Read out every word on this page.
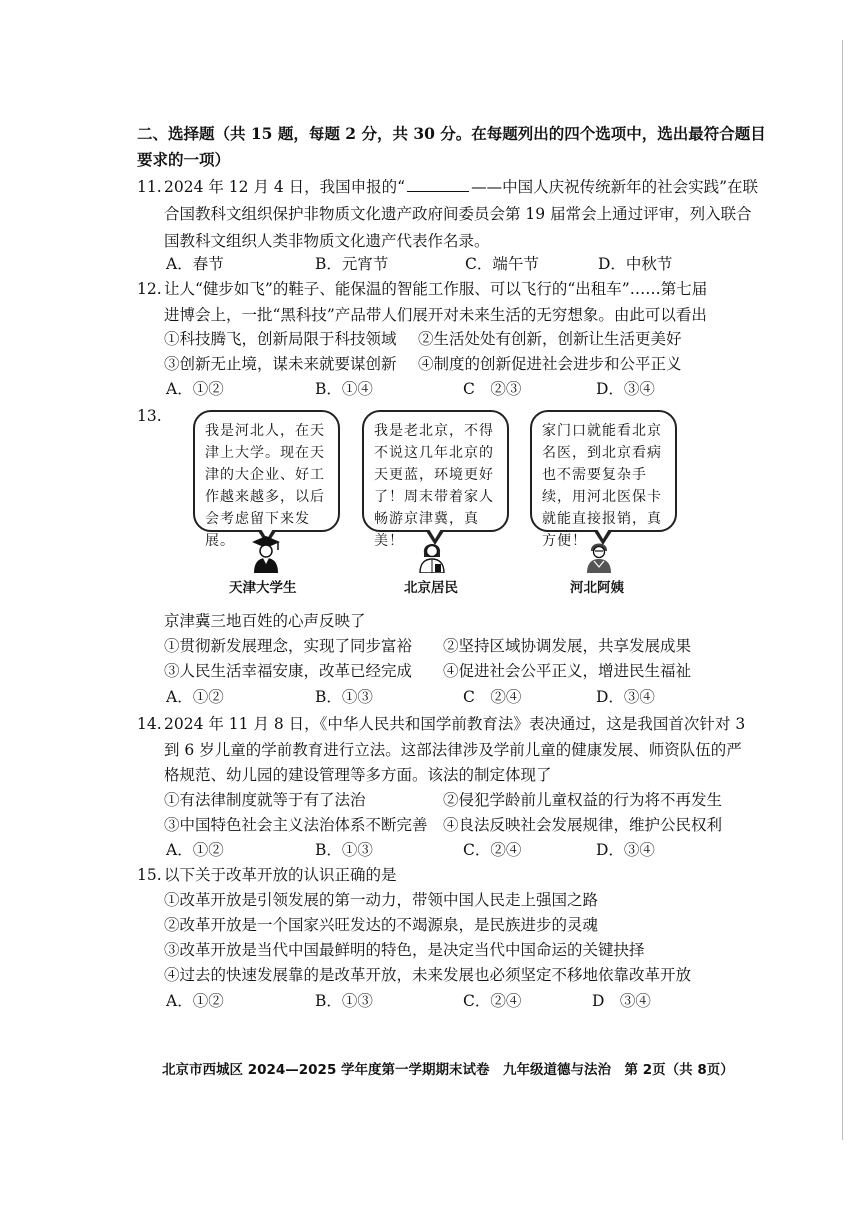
二、选择题（共 15 题，每题 2 分，共 30 分。在每题列出的四个选项中，选出最符合题目
要求的一项）
11. 2024 年 12 月 4 日，我国申报的“	——中国人庆祝传统新年的社会实践”在联
合国教科文组织保护非物质文化遗产政府间委员会第 19 届常会上通过评审，列入联合
国教科文组织人类非物质文化遗产代表作名录。
A．春节	B．元宵节	C．端午节	D．中秋节
12. 让人“健步如飞”的鞋子、能保温的智能工作服、可以飞行的“出租车”……第七届
进博会上，一批“黑科技”产品带人们展开对未来生活的无穷想象。由此可以看出
①科技腾飞，创新局限于科技领域 ②生活处处有创新，创新让生活更美好
③创新无止境，谋未来就要谋创新 ④制度的创新促进社会进步和公平正义
A．①②	B．①④	C　②③	D．③④
13.
我是河北人，在天津上大学。现在天津的大企业、好工作越来越多，以后会考虑留下来发展。
我是老北京，不得不说这几年北京的天更蓝，环境更好了！周末带着家人畅游京津冀，真美！
家门口就能看北京名医，到北京看病也不需要复杂手续，用河北医保卡就能直接报销，真方便！
天津大学生	北京居民	河北阿姨
京津冀三地百姓的心声反映了
①贯彻新发展理念，实现了同步富裕 ②坚持区域协调发展，共享发展成果
③人民生活幸福安康，改革已经完成 ④促进社会公平正义，增进民生福祉
A．①②	B．①③	C　②④	D．③④
14. 2024 年 11 月 8 日，《中华人民共和国学前教育法》表决通过，这是我国首次针对 3
到 6 岁儿童的学前教育进行立法。这部法律涉及学前儿童的健康发展、师资队伍的严
格规范、幼儿园的建设管理等多方面。该法的制定体现了
①有法律制度就等于有了法治	②侵犯学龄前儿童权益的行为将不再发生
③中国特色社会主义法治体系不断完善 ④良法反映社会发展规律，维护公民权利
A．①②	B．①③	C．②④	D．③④
15. 以下关于改革开放的认识正确的是
①改革开放是引领发展的第一动力，带领中国人民走上强国之路
②改革开放是一个国家兴旺发达的不竭源泉，是民族进步的灵魂
③改革开放是当代中国最鲜明的特色，是决定当代中国命运的关键抉择
④过去的快速发展靠的是改革开放，未来发展也必须坚定不移地依靠改革开放
A．①②	B．①③	C．②④	D　③④
北京市西城区 2024—2025 学年度第一学期期末试卷　九年级道德与法治　第 2页（共 8页）
